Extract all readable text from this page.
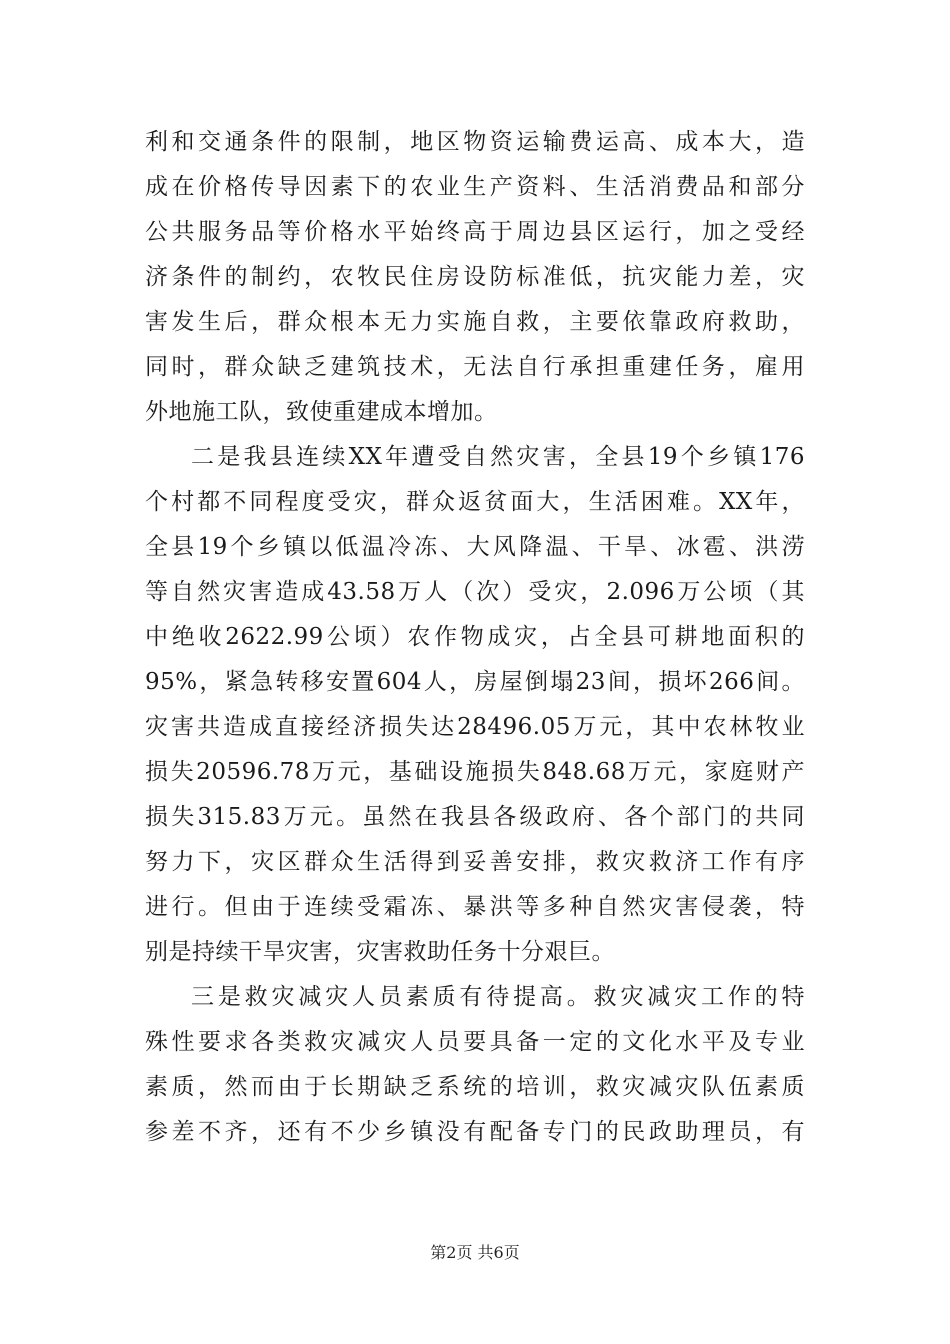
利和交通条件的限制，地区物资运输费运高、成本大，造
成在价格传导因素下的农业生产资料、生活消费品和部分
公共服务品等价格水平始终高于周边县区运行，加之受经
济条件的制约，农牧民住房设防标准低，抗灾能力差，灾
害发生后，群众根本无力实施自救，主要依靠政府救助，
同时，群众缺乏建筑技术，无法自行承担重建任务，雇用
外地施工队，致使重建成本增加。
二是我县连续XX年遭受自然灾害，全县19个乡镇176
个村都不同程度受灾，群众返贫面大，生活困难。XX年，
全县19个乡镇以低温冷冻、大风降温、干旱、冰雹、洪涝
等自然灾害造成43.58万人（次）受灾，2.096万公顷（其
中绝收2622.99公顷）农作物成灾，占全县可耕地面积的
95%，紧急转移安置604人，房屋倒塌23间，损坏266间。
灾害共造成直接经济损失达28496.05万元，其中农林牧业
损失20596.78万元，基础设施损失848.68万元，家庭财产
损失315.83万元。虽然在我县各级政府、各个部门的共同
努力下，灾区群众生活得到妥善安排，救灾救济工作有序
进行。但由于连续受霜冻、暴洪等多种自然灾害侵袭，特
别是持续干旱灾害，灾害救助任务十分艰巨。
三是救灾减灾人员素质有待提高。救灾减灾工作的特
殊性要求各类救灾减灾人员要具备一定的文化水平及专业
素质，然而由于长期缺乏系统的培训，救灾减灾队伍素质
参差不齐，还有不少乡镇没有配备专门的民政助理员，有
第2页 共6页
